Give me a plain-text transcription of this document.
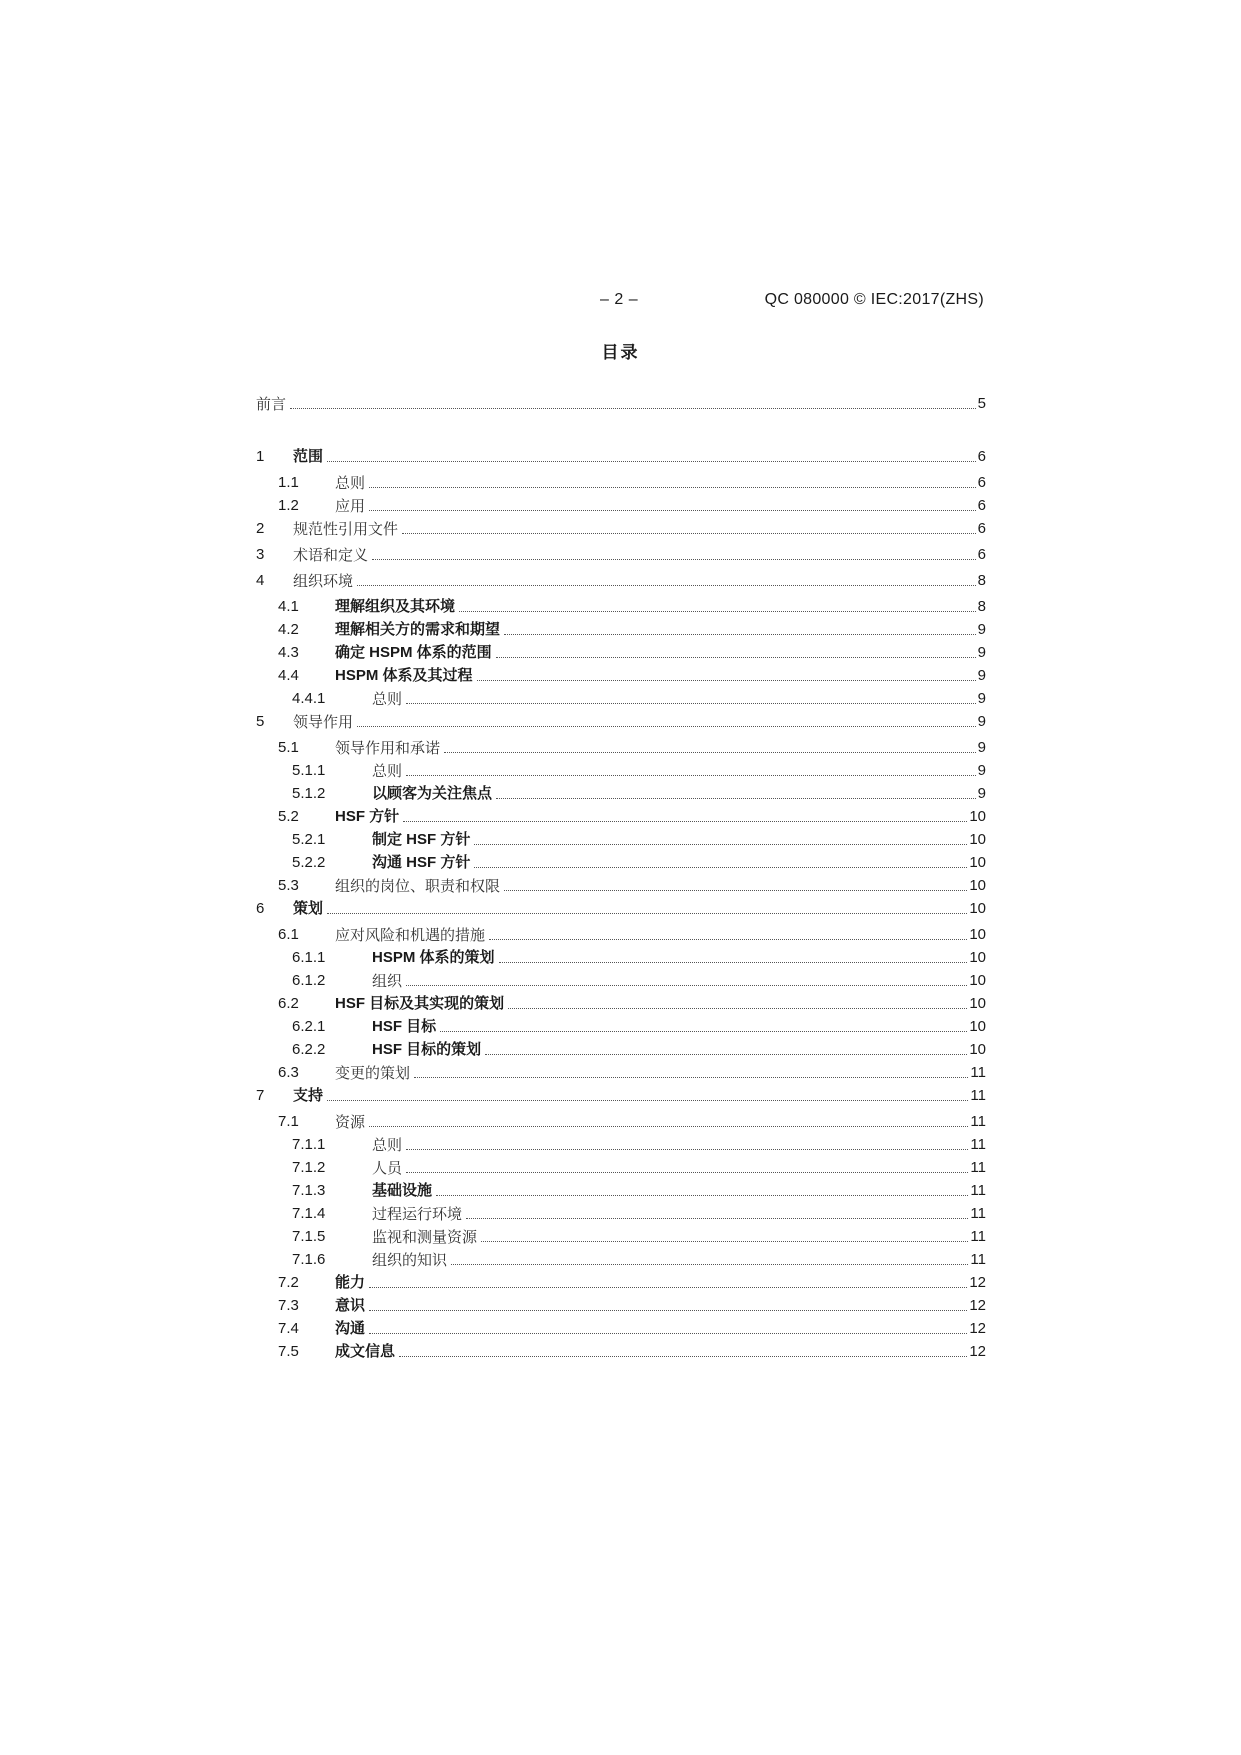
– 2 –	QC 080000 © IEC:2017(ZHS)
目录
前言	5
1	范围	6
1.1	总则	6
1.2	应用	6
2	规范性引用文件	6
3	术语和定义	6
4	组织环境	8
4.1	理解组织及其环境	8
4.2	理解相关方的需求和期望	9
4.3	确定 HSPM 体系的范围	9
4.4	HSPM 体系及其过程	9
4.4.1	总则	9
5	领导作用	9
5.1	领导作用和承诺	9
5.1.1	总则	9
5.1.2	以顾客为关注焦点	9
5.2	HSF 方针	10
5.2.1	制定 HSF 方针	10
5.2.2	沟通 HSF 方针	10
5.3	组织的岗位、职责和权限	10
6	策划	10
6.1	应对风险和机遇的措施	10
6.1.1	HSPM 体系的策划	10
6.1.2	组织	10
6.2	HSF 目标及其实现的策划	10
6.2.1	HSF 目标	10
6.2.2	HSF 目标的策划	10
6.3	变更的策划	11
7	支持	11
7.1	资源	11
7.1.1	总则	11
7.1.2	人员	11
7.1.3	基础设施	11
7.1.4	过程运行环境	11
7.1.5	监视和测量资源	11
7.1.6	组织的知识	11
7.2	能力	12
7.3	意识	12
7.4	沟通	12
7.5	成文信息	12
